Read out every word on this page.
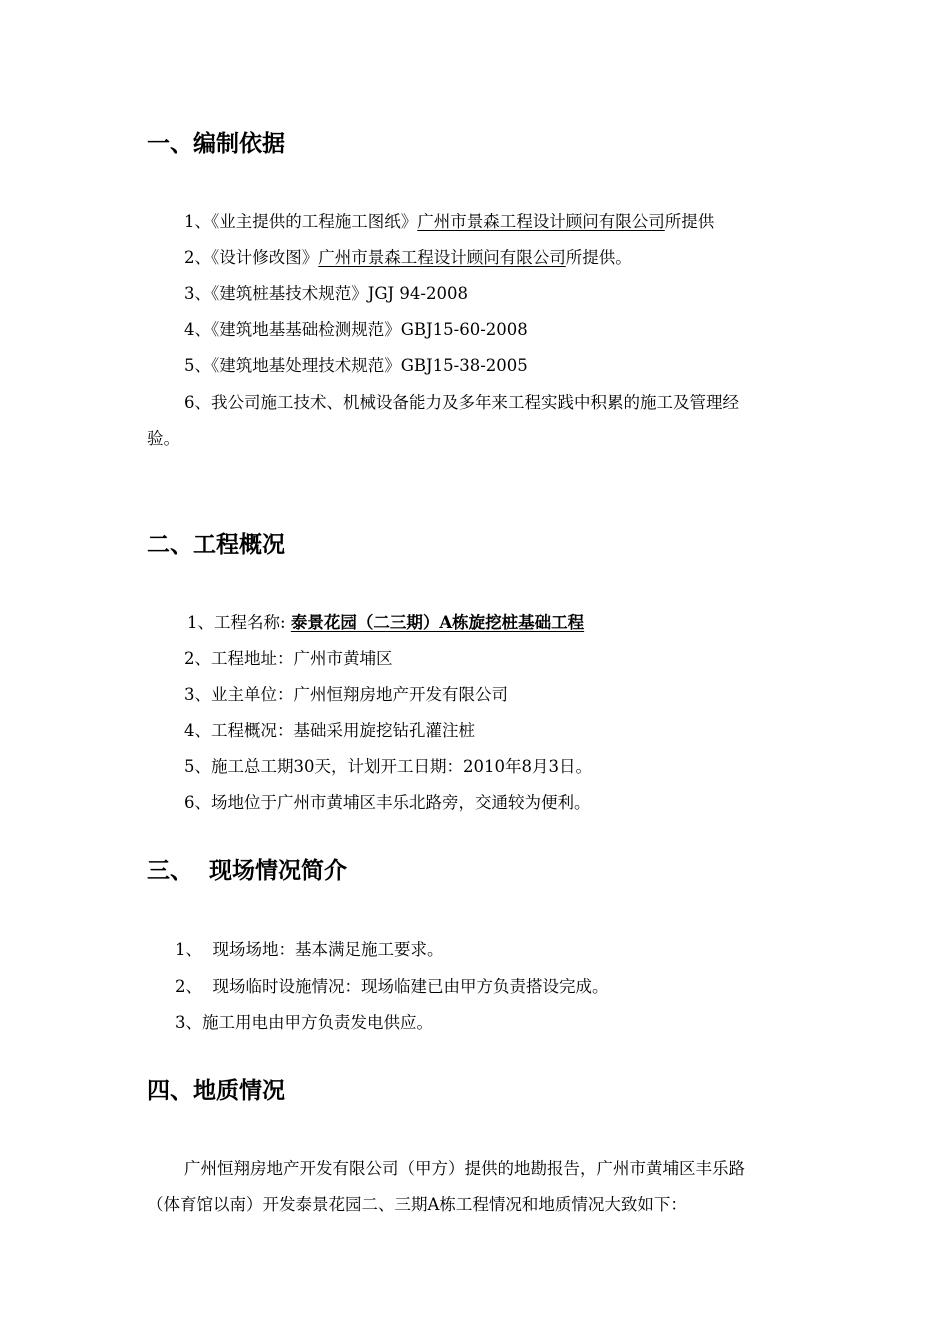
一、编制依据
1、《业主提供的工程施工图纸》广州市景森工程设计顾问有限公司所提供
2、《设计修改图》广州市景森工程设计顾问有限公司所提供。
3、《建筑桩基技术规范》JGJ 94-2008
4、《建筑地基基础检测规范》GBJ15-60-2008
5、《建筑地基处理技术规范》GBJ15-38-2005
6、我公司施工技术、机械设备能力及多年来工程实践中积累的施工及管理经
验。
二、工程概况
1、工程名称: 泰景花园（二三期）A栋旋挖桩基础工程
2、工程地址：广州市黄埔区
3、业主单位：广州恒翔房地产开发有限公司
4、工程概况：基础采用旋挖钻孔灌注桩
5、施工总工期30天，计划开工日期：2010年8月3日。
6、场地位于广州市黄埔区丰乐北路旁，交通较为便利。
三、  现场情况简介
1、  现场场地：基本满足施工要求。
2、  现场临时设施情况：现场临建已由甲方负责搭设完成。
3、施工用电由甲方负责发电供应。
四、地质情况
广州恒翔房地产开发有限公司（甲方）提供的地勘报告，广州市黄埔区丰乐路
（体育馆以南）开发泰景花园二、三期A栋工程情况和地质情况大致如下：
